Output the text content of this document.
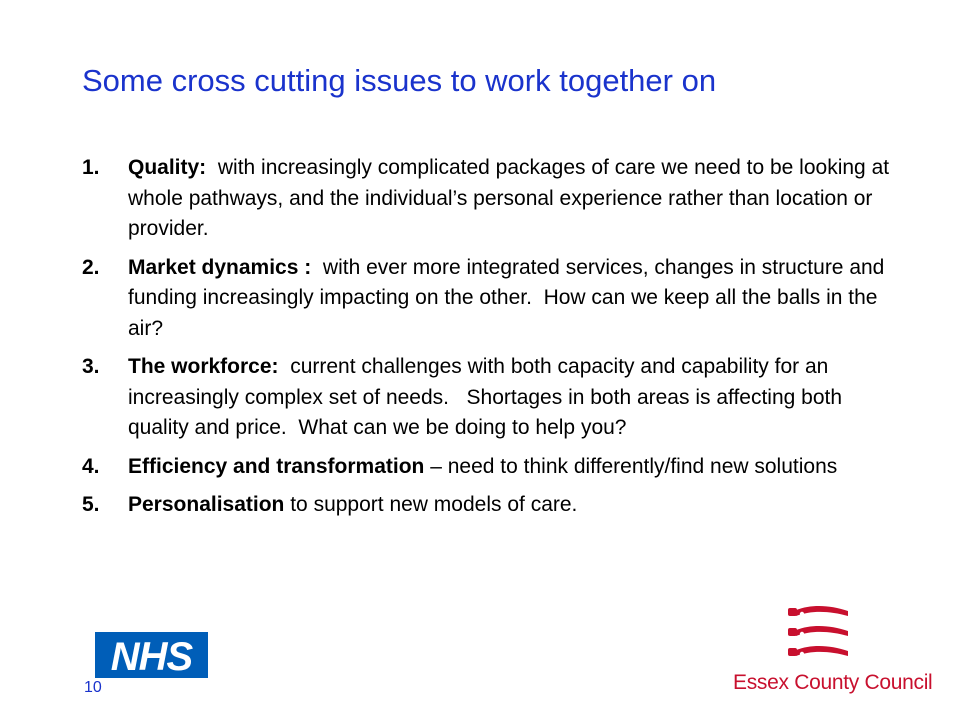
Some cross cutting issues to work together on
1. Quality:  with increasingly complicated packages of care we need to be looking at whole pathways, and the individual’s personal experience rather than location or provider.
2. Market dynamics :  with ever more integrated services, changes in structure and funding increasingly impacting on the other.  How can we keep all the balls in the air?
3. The workforce:  current challenges with both capacity and capability for an increasingly complex set of needs.   Shortages in both areas is affecting both quality and price.  What can we be doing to help you?
4. Efficiency and transformation – need to think differently/find new solutions
5. Personalisation to support new models of care.
NHS
10	Essex County Council
